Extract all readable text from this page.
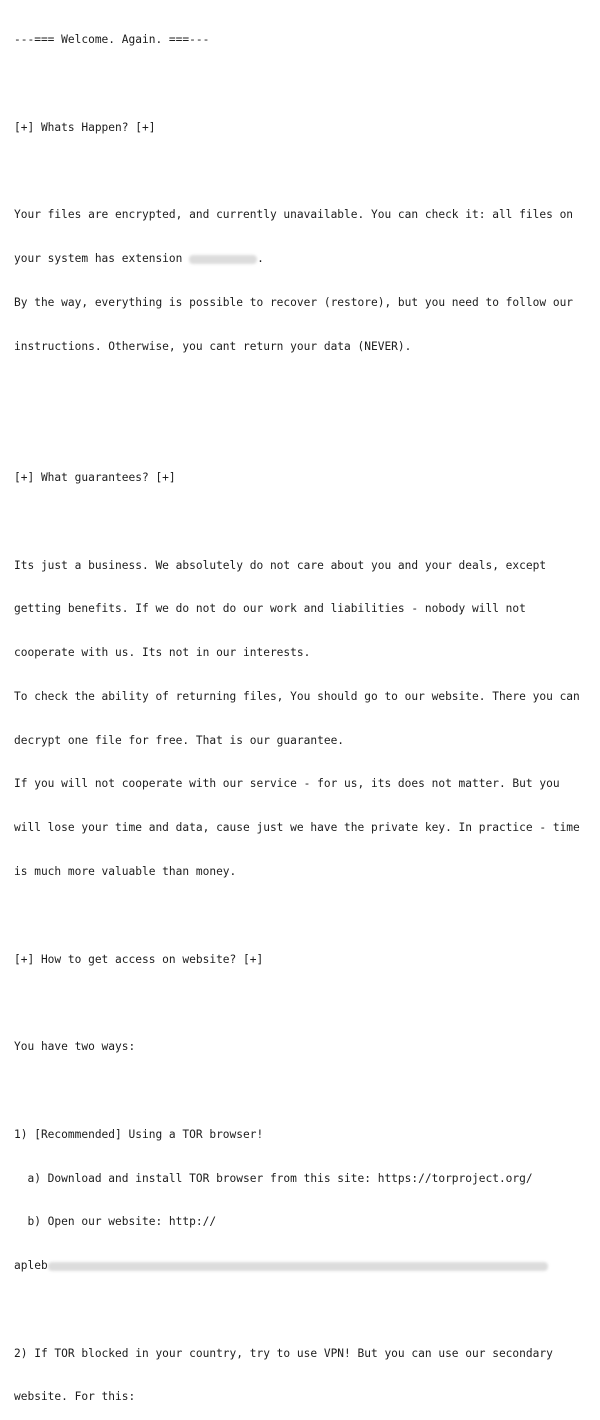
---=== Welcome. Again. ===---

[+] Whats Happen? [+]

Your files are encrypted, and currently unavailable. You can check it: all files on

your system has extension	.

By the way, everything is possible to recover (restore), but you need to follow our

instructions. Otherwise, you cant return your data (NEVER).

[+] What guarantees? [+]

Its just a business. We absolutely do not care about you and your deals, except

getting benefits. If we do not do our work and liabilities - nobody will not

cooperate with us. Its not in our interests.

To check the ability of returning files, You should go to our website. There you can

decrypt one file for free. That is our guarantee.

If you will not cooperate with our service - for us, its does not matter. But you

will lose your time and data, cause just we have the private key. In practice - time

is much more valuable than money.

[+] How to get access on website? [+]

You have two ways:

1) [Recommended] Using a TOR browser!

a) Download and install TOR browser from this site: https://torproject.org/

b) Open our website: http://

apleb

2) If TOR blocked in your country, try to use VPN! But you can use our secondary

website. For this:
